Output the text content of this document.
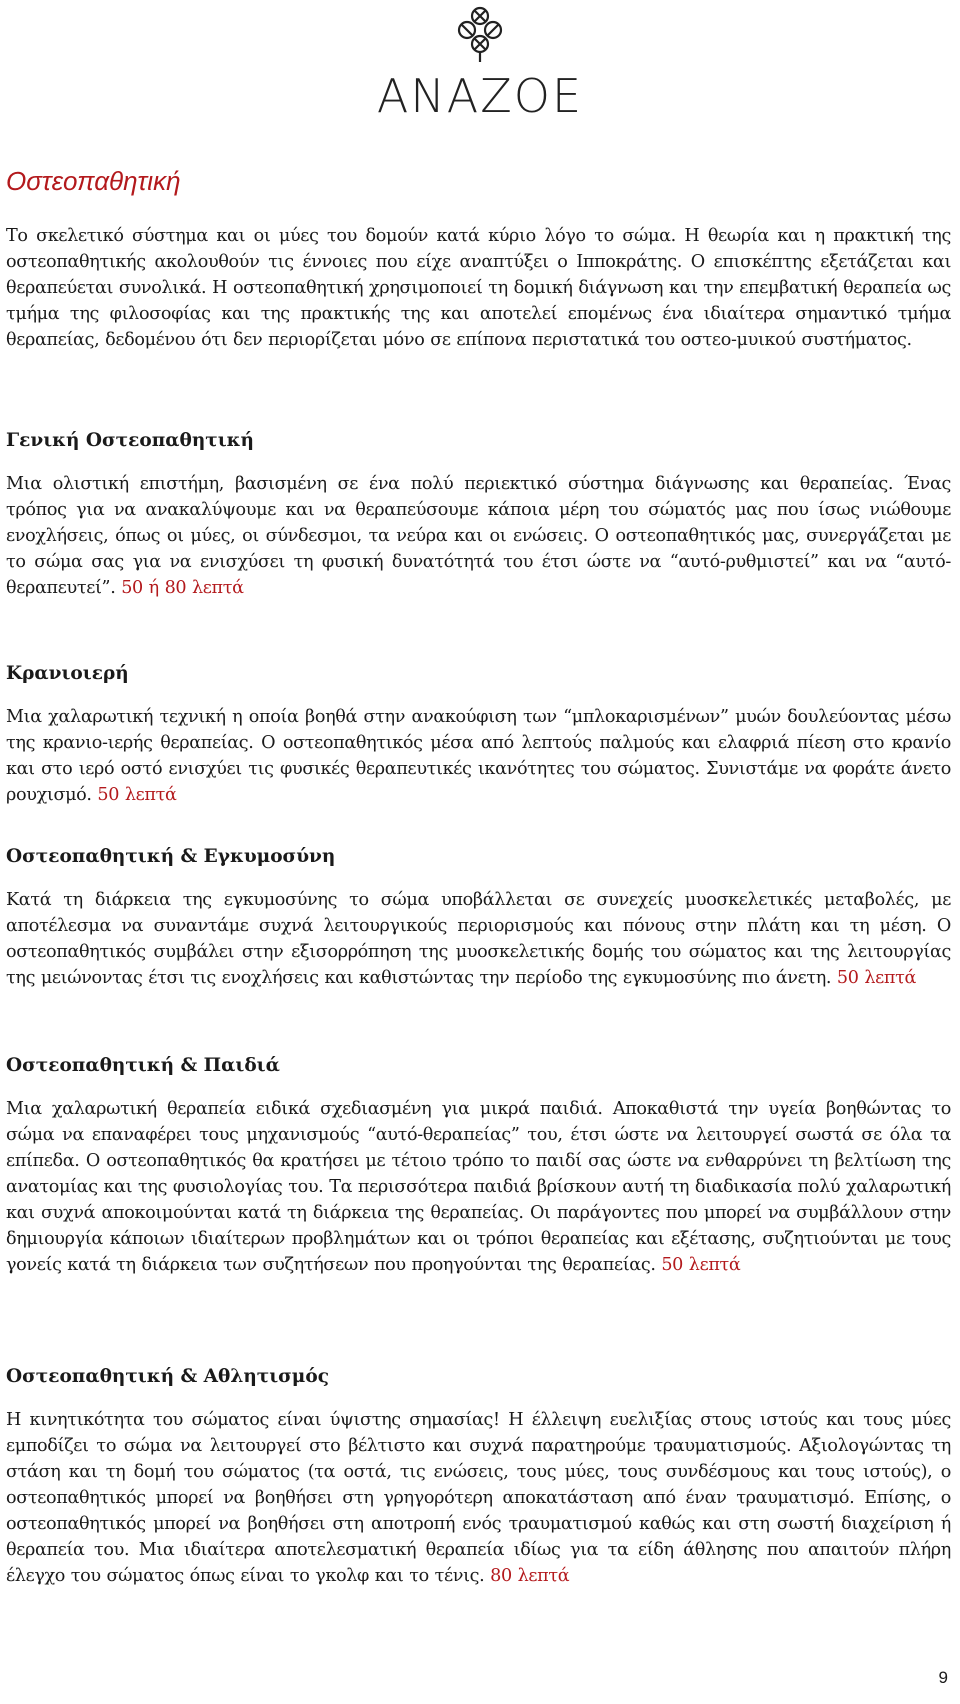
ANAZOE
Οστεοπαθητική

Το σκελετικό σύστημα και οι μύες του δομούν κατά κύριο λόγο το σώμα. Η θεωρία και η πρακτική της οστεοπαθητικής ακολουθούν τις έννοιες που είχε αναπτύξει ο Ιπποκράτης. Ο επισκέπτης εξετάζεται και θεραπεύεται συνολικά. Η οστεοπαθητική χρησιμοποιεί τη δομική διάγνωση και την επεμβατική θεραπεία ως τμήμα της φιλοσοφίας και της πρακτικής της και αποτελεί επομένως ένα ιδιαίτερα σημαντικό τμήμα θεραπείας, δεδομένου ότι δεν περιορίζεται μόνο σε επίπονα περιστατικά του οστεο-μυικού συστήματος.

Γενική Οστεοπαθητική

Μια ολιστική επιστήμη, βασισμένη σε ένα πολύ περιεκτικό σύστημα διάγνωσης και θεραπείας. Ένας τρόπος για να ανακαλύψουμε και να θεραπεύσουμε κάποια μέρη του σώματός μας που ίσως νιώθουμε ενοχλήσεις, όπως οι μύες, οι σύνδεσμοι, τα νεύρα και οι ενώσεις. Ο οστεοπαθητικός μας, συνεργάζεται με το σώμα σας για να ενισχύσει τη φυσική δυνατότητά του έτσι ώστε να “αυτό-ρυθμιστεί” και να “αυτό-θεραπευτεί”. 50 ή 80 λεπτά

Κρανιοιερή

Μια χαλαρωτική τεχνική η οποία βοηθά στην ανακούφιση των “μπλοκαρισμένων” μυών δουλεύοντας μέσω της κρανιο-ιερής θεραπείας. Ο οστεοπαθητικός μέσα από λεπτούς παλμούς και ελαφριά πίεση στο κρανίο και στο ιερό οστό ενισχύει τις φυσικές θεραπευτικές ικανότητες του σώματος. Συνιστάμε να φοράτε άνετο ρουχισμό. 50 λεπτά

Οστεοπαθητική & Εγκυμοσύνη

Κατά τη διάρκεια της εγκυμοσύνης το σώμα υποβάλλεται σε συνεχείς μυοσκελετικές μεταβολές, με αποτέλεσμα να συναντάμε συχνά λειτουργικούς περιορισμούς και πόνους στην πλάτη και τη μέση. Ο οστεοπαθητικός συμβάλει στην εξισορρόπηση της μυοσκελετικής δομής του σώματος και της λειτουργίας της μειώνοντας έτσι τις ενοχλήσεις και καθιστώντας την περίοδο της εγκυμοσύνης πιο άνετη. 50 λεπτά

Οστεοπαθητική & Παιδιά

Μια χαλαρωτική θεραπεία ειδικά σχεδιασμένη για μικρά παιδιά. Αποκαθιστά την υγεία βοηθώντας το σώμα να επαναφέρει τους μηχανισμούς “αυτό-θεραπείας” του, έτσι ώστε να λειτουργεί σωστά σε όλα τα επίπεδα. Ο οστεοπαθητικός θα κρατήσει με τέτοιο τρόπο το παιδί σας ώστε να ενθαρρύνει τη βελτίωση της ανατομίας και της φυσιολογίας του. Τα περισσότερα παιδιά βρίσκουν αυτή τη διαδικασία πολύ χαλαρωτική και συχνά αποκοιμούνται κατά τη διάρκεια της θεραπείας. Οι παράγοντες που μπορεί να συμβάλλουν στην δημιουργία κάποιων ιδιαίτερων προβλημάτων και οι τρόποι θεραπείας και εξέτασης, συζητιούνται με τους γονείς κατά τη διάρκεια των συζητήσεων που προηγούνται της θεραπείας. 50 λεπτά

Οστεοπαθητική & Αθλητισμός

Η κινητικότητα του σώματος είναι ύψιστης σημασίας! Η έλλειψη ευελιξίας στους ιστούς και τους μύες εμποδίζει το σώμα να λειτουργεί στο βέλτιστο και συχνά παρατηρούμε τραυματισμούς. Αξιολογώντας τη στάση και τη δομή του σώματος (τα οστά, τις ενώσεις, τους μύες, τους συνδέσμους και τους ιστούς), ο οστεοπαθητικός μπορεί να βοηθήσει στη γρηγορότερη αποκατάσταση από έναν τραυματισμό. Επίσης, ο οστεοπαθητικός μπορεί να βοηθήσει στη αποτροπή ενός τραυματισμού καθώς και στη σωστή διαχείριση ή θεραπεία του. Μια ιδιαίτερα αποτελεσματική θεραπεία ιδίως για τα είδη άθλησης που απαιτούν πλήρη έλεγχο του σώματος όπως είναι το γκολφ και το τένις. 80 λεπτά

9
